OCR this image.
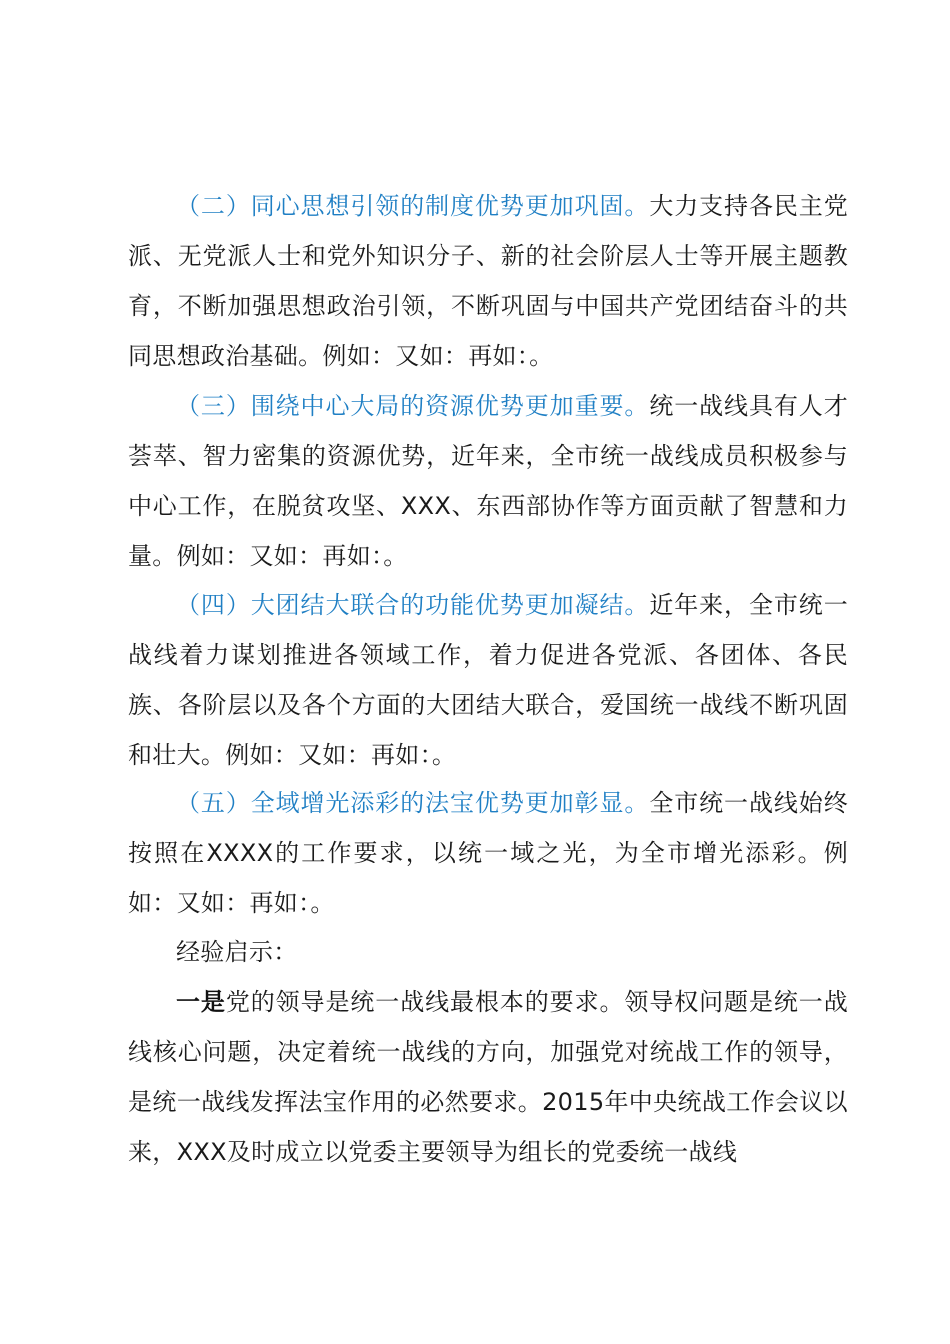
（二）同心思想引领的制度优势更加巩固。大力支持各民主党派、无党派人士和党外知识分子、新的社会阶层人士等开展主题教育，不断加强思想政治引领，不断巩固与中国共产党团结奋斗的共同思想政治基础。例如：又如：再如：。

（三）围绕中心大局的资源优势更加重要。统一战线具有人才荟萃、智力密集的资源优势，近年来，全市统一战线成员积极参与中心工作，在脱贫攻坚、XXX、东西部协作等方面贡献了智慧和力量。例如：又如：再如：。

（四）大团结大联合的功能优势更加凝结。近年来，全市统一战线着力谋划推进各领域工作，着力促进各党派、各团体、各民族、各阶层以及各个方面的大团结大联合，爱国统一战线不断巩固和壮大。例如：又如：再如：。

（五）全域增光添彩的法宝优势更加彰显。全市统一战线始终按照在XXXX的工作要求，以统一域之光，为全市增光添彩。例如：又如：再如：。

经验启示：

一是党的领导是统一战线最根本的要求。领导权问题是统一战线核心问题，决定着统一战线的方向，加强党对统战工作的领导，是统一战线发挥法宝作用的必然要求。2015年中央统战工作会议以来，XXX及时成立以党委主要领导为组长的党委统一战线
